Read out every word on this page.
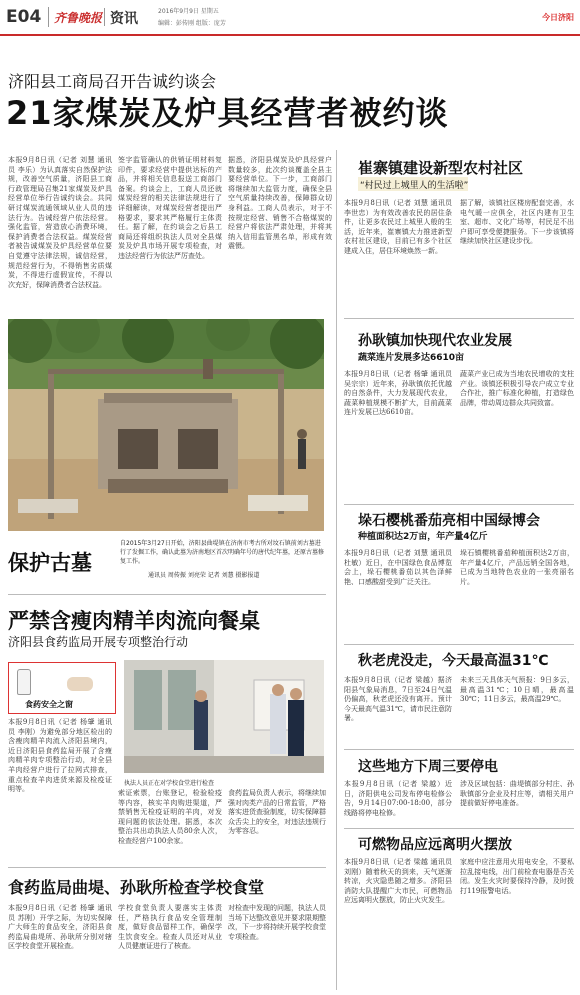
E04 齐鲁晚报 资讯	2016年9月9日 星期五
编辑：彭传刚 组版：庞芳
今日济阳
济阳县工商局召开告诚约谈会
21家煤炭及炉具经营者被约谈
本报9月8日讯（记者 刘慧 通讯员 李乐）为认真落实自然保护法规，改善空气质量，济阳县工商行政管理局召集21家煤炭及炉具经营单位举行告诚约谈会。共同研讨煤炭流通领域从业人员的违法行为。告诫经营户依法经营。强化监管，营造放心消费环境，保护消费者合法权益。煤炭经营者被告诚煤炭及炉具经营单位要自觉遵守法律法规，诚信经营，规范经营行为，不得销售劣质煤炭，不得进行虚假宣传，不得以次充好，保障消费者合法权益。
签字监管确认的供销证明材料复印件，要求经营中提供达标的产品，并将相关信息报送工商部门备案。约谈会上，工商人员还就煤炭经营的相关法律法规进行了详细解读，对煤炭经营者提出严格要求，要求其严格履行主体责任。据了解，在约谈会之后县工商局还将组织执法人员对全县煤炭及炉具市场开展专项检查，对违法经营行为依法严厉查处。
据悉，济阳县煤炭及炉具经营户数量较多，此次约谈覆盖全县主要经营单位。下一步，工商部门将继续加大监管力度，确保全县空气质量持续改善，保障群众切身利益。工商人员表示，对于不按规定经营、销售不合格煤炭的经营户将依法严肃处理，并将其纳入信用监管黑名单，形成有效震慑。
保护古墓
自2015年3月27日开始，济阳县曲堤镇在济南市考古所对坟石镇前刘古墓进行了发掘工作，确认此墓为济南地区首次明确年号的唐代纪年墓，还原古墓修复工作。
通讯员 周传振 刘亮荣 记者 刘慧 摄影报道
严禁含瘦肉精羊肉流向餐桌
济阳县食药监局开展专项整治行动
食药安全之窗
执法人员正在对学校食堂进行检查
本报9月8日讯（记者 杨肇 通讯员 李刚）为避免部分地区检出的含瘦肉精羊肉流入济阳县境内，近日济阳县食药监局开展了含瘦肉精羊肉专项整治行动，对全县羊肉经营户进行了拉网式排查，重点检查羊肉进货来源及检疫证明等。	索证索票，台账登记，检验检疫等内容，核实羊肉购进渠道，严禁销售无检疫证明的羊肉，对发现问题的依法处理。据悉，本次整治共出动执法人员80余人次，检查经营户100余家。
食药监局负责人表示，将继续加强对肉类产品的日常监管，严格落实进货查验制度，切实保障群众舌尖上的安全，对违法违规行为零容忍。
食药监局曲堤、孙耿所检查学校食堂
本报9月8日讯（记者 杨肇 通讯员 苏刚）开学之际，为切实保障广大师生的食品安全，济阳县食药监局曲堤所、孙耿所分别对辖区学校食堂开展检查。
学校食堂负责人要落实主体责任，严格执行食品安全管理制度，做好食品留样工作，确保学生饮食安全。检查人员还对从业人员健康证进行了核查。
对检查中发现的问题，执法人员当场下达整改意见并要求限期整改，下一步将持续开展学校食堂专项检查。
崔寨镇建设新型农村社区
“村民过上城里人的生活啦”
本报9月8日讯（记者 刘慧 通讯员 李世忠）为有效改善农民的居住条件，让更多农民过上城里人般的生活，近年来，崔寨镇大力推进新型农村社区建设，目前已有多个社区建成入住，居住环境焕然一新。
据了解，该镇社区楼房配套完善，水电气暖一应俱全，社区内建有卫生室、超市、文化广场等，村民足不出户即可享受便捷服务。下一步该镇将继续加快社区建设步伐。
孙耿镇加快现代农业发展
蔬菜连片发展多达6610亩
本报9月8日讯（记者 杨肇 通讯员 吴宗宗）近年来，孙耿镇依托优越的自然条件，大力发展现代农业，蔬菜种植规模不断扩大，目前蔬菜连片发展已达6610亩。
蔬菜产业已成为当地农民增收的支柱产业。该镇还积极引导农户成立专业合作社，推广标准化种植，打造绿色品牌，带动周边群众共同致富。
垛石樱桃番茄亮相中国绿博会
种植面积达2万亩，年产量4亿斤
本报9月8日讯（记者 刘慧 通讯员 杜敏）近日，在中国绿色食品博览会上，垛石樱桃番茄以其色泽鲜艳、口感酸甜受到广泛关注。
垛石镇樱桃番茄种植面积达2万亩，年产量4亿斤，产品远销全国各地，已成为当地特色农业的一张亮丽名片。
秋老虎没走，今天最高温31℃
本报9月8日讯（记者 梁越）据济阳县气象局消息，7日至24日气温仍偏高，秋老虎还没有离开。预计今天最高气温31℃，请市民注意防暑。
未来三天具体天气预报：9日多云，最高温31℃；10日晴，最高温30℃；11日多云，最高温29℃。
这些地方下周三要停电
本报9月8日讯（记者 梁越）近日，济阳供电公司发布停电检修公告，9月14日07:00-18:00，部分线路将停电检修。
涉及区域包括：曲堤镇部分村庄、孙耿镇部分企业及村庄等，请相关用户提前做好停电准备。
可燃物品应远离明火摆放
本报9月8日讯（记者 梁越 通讯员 刘刚）随着秋天的到来，天气逐渐转凉，火灾隐患随之增多。济阳县消防大队提醒广大市民，可燃物品应远离明火摆放，防止火灾发生。
家庭中应注意用火用电安全，不要私拉乱接电线，出门前检查电器是否关闭。发生火灾时要保持冷静，及时拨打119报警电话。
